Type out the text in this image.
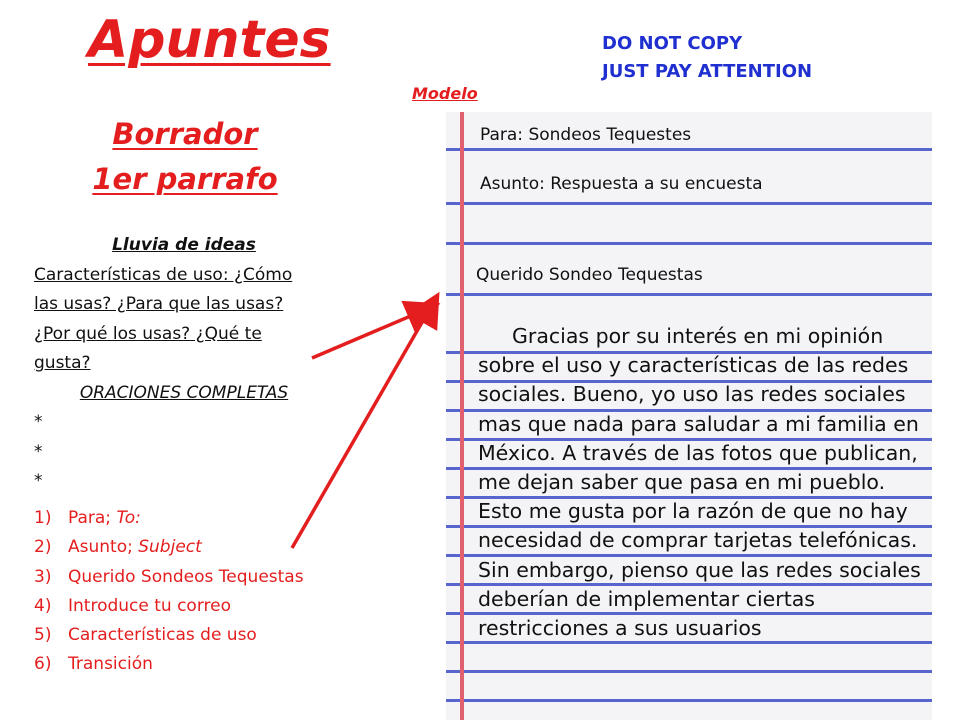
Apuntes	DO NOT COPY
JUST PAY ATTENTION
Modelo
Borrador
1er parrafo
Lluvia de ideas
Características de uso: ¿Cómo
las usas? ¿Para que las usas?
¿Por qué los usas? ¿Qué te
gusta?
ORACIONES COMPLETAS
*
*
*
1) Para; To:
2) Asunto; Subject
3) Querido Sondeos Tequestas
4) Introduce tu correo
5) Características de uso
6) Transición
Para: Sondeos Tequestes
Asunto: Respuesta a su encuesta
Querido Sondeo Tequestas
Gracias por su interés en mi opinión sobre el uso y características de las redes sociales. Bueno, yo uso las redes sociales mas que nada para saludar a mi familia en México. A través de las fotos que publican, me dejan saber que pasa en mi pueblo. Esto me gusta por la razón de que no hay necesidad de comprar tarjetas telefónicas. Sin embargo, pienso que las redes sociales deberían de implementar ciertas restricciones a sus usuarios
